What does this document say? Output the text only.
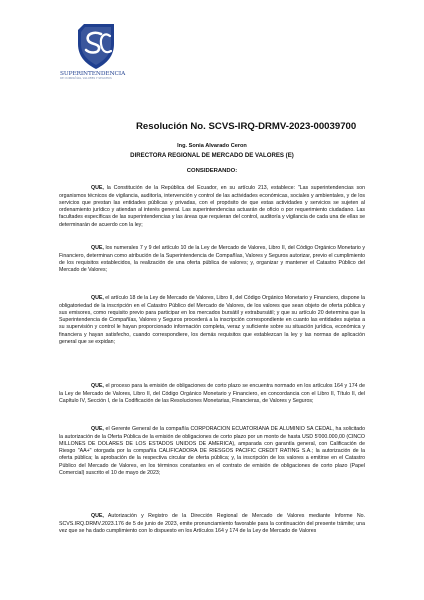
SUPERINTENDENCIA
DE COMPAÑÍAS, VALORES Y SEGUROS
Resolución No. SCVS-IRQ-DRMV-2023-00039700
Ing. Sonia Alvarado Ceron
DIRECTORA REGIONAL DE MERCADO DE VALORES (E)
CONSIDERANDO:

QUE, la Constitución de la República del Ecuador, en su artículo 213, establece: "Las superintendencias son organismos técnicos de vigilancia, auditoría, intervención y control de las actividades económicas, sociales y ambientales, y de los servicios que prestan las entidades públicas y privadas, con el propósito de que estas actividades y servicios se sujeten al ordenamiento jurídico y atiendan al interés general. Las superintendencias actuarán de oficio o por requerimiento ciudadano. Las facultades específicas de las superintendencias y las áreas que requieran del control, auditoría y vigilancia de cada una de ellas se determinarán de acuerdo con la ley;

QUE, los numerales 7 y 9 del artículo 10 de la Ley de Mercado de Valores, Libro II, del Código Orgánico Monetario y Financiero, determinan como atribución de la Superintendencia de Compañías, Valores y Seguros autorizar, previo el cumplimiento de los requisitos establecidos, la realización de una oferta pública de valores; y, organizar y mantener el Catastro Público del Mercado de Valores;

QUE, el artículo 18 de la Ley de Mercado de Valores, Libro II, del Código Orgánico Monetario y Financiero, dispone la obligatoriedad de la inscripción en el Catastro Público del Mercado de Valores, de los valores que sean objeto de oferta pública y sus emisores, como requisito previo para participar en los mercados bursátil y extrabursátil; y que su artículo 20 determina que la Superintendencia de Compañías, Valores y Seguros procederá a la inscripción correspondiente en cuanto las entidades sujetas a su supervisión y control le hayan proporcionado información completa, veraz y suficiente sobre su situación jurídica, económica y financiera y hayan satisfecho, cuando correspondiere, los demás requisitos que establezcan la ley y las normas de aplicación general que se expidan;

QUE, el proceso para la emisión de obligaciones de corto plazo se encuentra normado en los artículos 164 y 174 de la Ley de Mercado de Valores, Libro II, del Código Orgánico Monetario y Financiero, en concordancia con el Libro II, Título II, del Capítulo IV, Sección I, de la Codificación de las Resoluciones Monetarias, Financieras, de Valores y Seguros;

QUE, el Gerente General de la compañía CORPORACION ECUATORIANA DE ALUMINIO SA CEDAL, ha solicitado la autorización de la Oferta Pública de la emisión de obligaciones de corto plazo por un monto de hasta USD 5'000.000,00 (CINCO MILLONES DE DOLARES DE LOS ESTADOS UNIDOS DE AMERICA), amparada con garantía general, con Calificación de Riesgo "AA+" otorgada por la compañía CALIFICADORA DE RIESGOS PACIFIC CREDIT RATING S.A.; la autorización de la oferta pública; la aprobación de la respectiva circular de oferta pública; y, la inscripción de los valores a emitirse en el Catastro Público del Mercado de Valores, en los términos constantes en el contrato de emisión de obligaciones de corto plazo (Papel Comercial) suscrito el 10 de mayo de 2023;

QUE, Autorización y Registro de la Dirección Regional de Mercado de Valores mediante Informe No. SCVS.IRQ.DRMV.2023.176 de 5 de junio de 2023, emite pronunciamiento favorable para la continuación del presente trámite; una vez que se ha dado cumplimiento con lo dispuesto en los Artículos 164 y 174 de la Ley de Mercado de Valores
